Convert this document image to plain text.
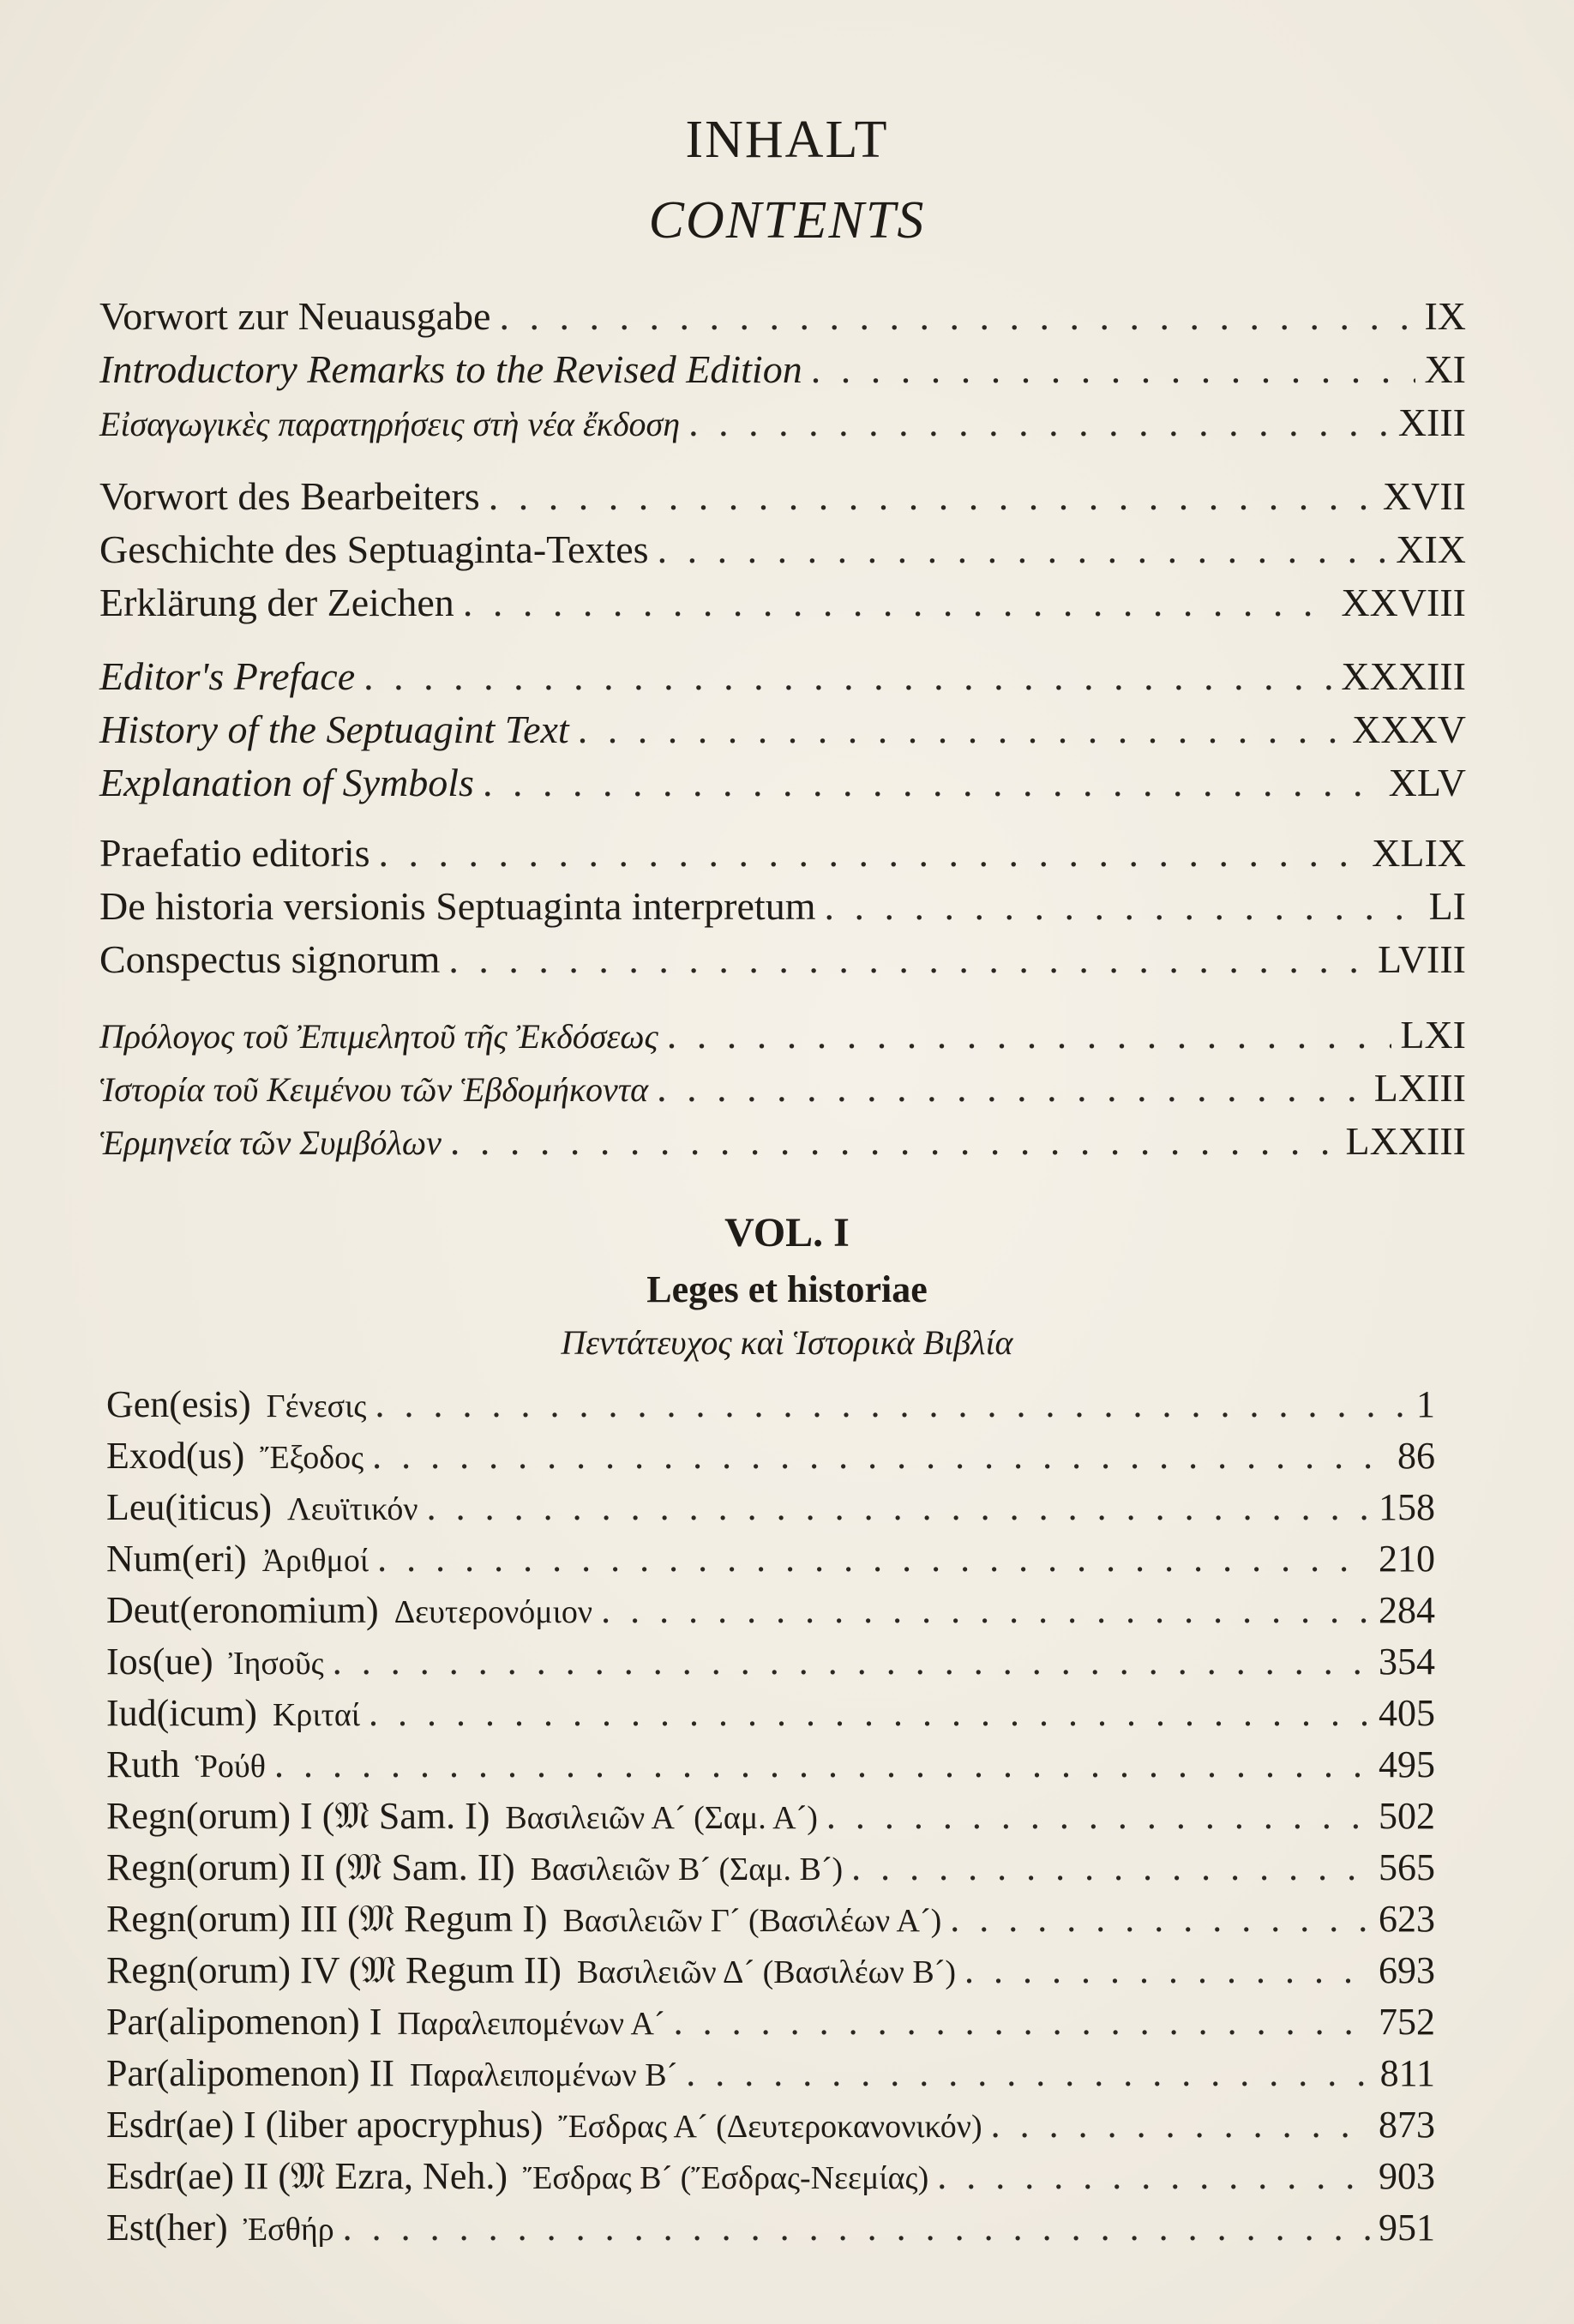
INHALT
CONTENTS
Vorwort zur Neuausgabe . . .	IX
Introductory Remarks to the Revised Edition . . .	XI
Εἰσαγωγικὲς παρατηρήσεις στὴ νέα ἔκδοση . . .	XIII
Vorwort des Bearbeiters . . .	XVII
Geschichte des Septuaginta-Textes . . .	XIX
Erklärung der Zeichen . . .	XXVIII
Editor's Preface . . .	XXXIII
History of the Septuagint Text . . .	XXXV
Explanation of Symbols . . .	XLV
Praefatio editoris . . .	XLIX
De historia versionis Septuaginta interpretum . . .	LI
Conspectus signorum . . .	LVIII
Πρόλογος τοῦ Ἐπιμελητοῦ τῆς Ἐκδόσεως . . .	LXI
Ἱστορία τοῦ Κειμένου τῶν Ἑβδομήκοντα . . .	LXIII
Ἑρμηνεία τῶν Συμβόλων . . .	LXXIII
VOL. I
Leges et historiae
Πεντάτευχος καὶ Ἱστορικὰ Βιβλία
Gen(esis) Γένεσις . . .	1
Exod(us) Ἔξοδος . . .	86
Leu(iticus) Λευϊτικόν . . .	158
Num(eri) Ἀριθμοί . . .	210
Deut(eronomium) Δευτερονόμιον . . .	284
Ios(ue) Ἰησοῦς . . .	354
Iud(icum) Κριταί . . .	405
Ruth Ῥούθ . . .	495
Regn(orum) I (𝔐 Sam. I) Βασιλειῶν Α´ (Σαμ. Α´) . . .	502
Regn(orum) II (𝔐 Sam. II) Βασιλειῶν Β´ (Σαμ. Β´) . . .	565
Regn(orum) III (𝔐 Regum I) Βασιλειῶν Γ´ (Βασιλέων Α´) . . .	623
Regn(orum) IV (𝔐 Regum II) Βασιλειῶν Δ´ (Βασιλέων Β´) . . .	693
Par(alipomenon) I Παραλειπομένων Α´ . . .	752
Par(alipomenon) II Παραλειπομένων Β´ . . .	811
Esdr(ae) I (liber apocryphus) Ἔσδρας Α´ (Δευτεροκανονικόν) . . .	873
Esdr(ae) II (𝔐 Ezra, Neh.) Ἔσδρας Β´ (Ἔσδρας-Νεεμίας) . . .	903
Est(her) Ἐσθήρ . . .	951
